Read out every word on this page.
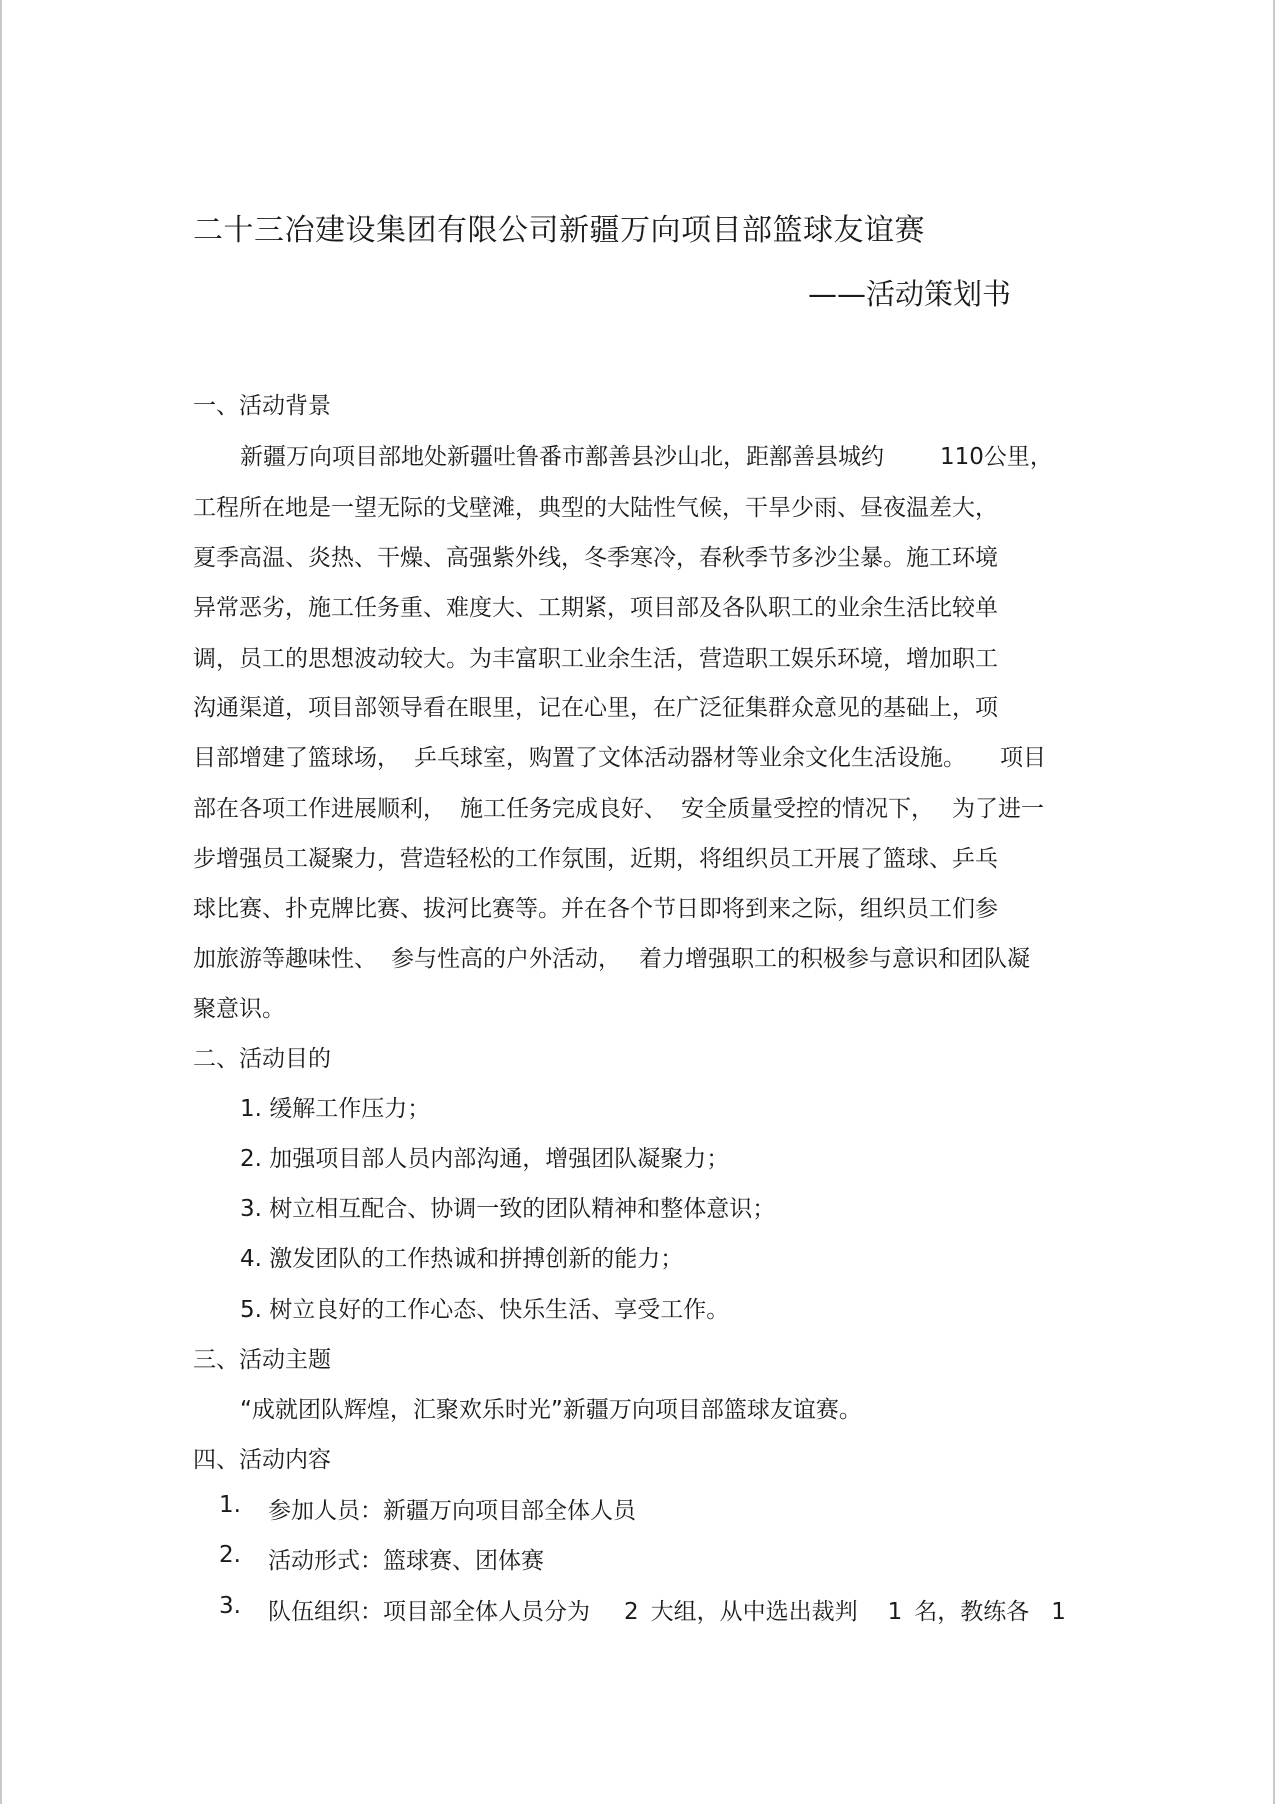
二十三冶建设集团有限公司新疆万向项目部篮球友谊赛
——活动策划书
一、活动背景
新疆万向项目部地处新疆吐鲁番市鄯善县沙山北，距鄯善县城约 110公里，
工程所在地是一望无际的戈壁滩，典型的大陆性气候，干旱少雨、昼夜温差大，
夏季高温、炎热、干燥、高强紫外线，冬季寒冷，春秋季节多沙尘暴。施工环境
异常恶劣，施工任务重、难度大、工期紧，项目部及各队职工的业余生活比较单
调，员工的思想波动较大。为丰富职工业余生活，营造职工娱乐环境，增加职工
沟通渠道，项目部领导看在眼里，记在心里，在广泛征集群众意见的基础上，项
目部增建了篮球场， 乒乓球室，购置了文体活动器材等业余文化生活设施。 项目
部在各项工作进展顺利， 施工任务完成良好、 安全质量受控的情况下， 为了进一
步增强员工凝聚力，营造轻松的工作氛围，近期，将组织员工开展了篮球、乒乓
球比赛、扑克牌比赛、拔河比赛等。并在各个节日即将到来之际，组织员工们参
加旅游等趣味性、 参与性高的户外活动， 着力增强职工的积极参与意识和团队凝
聚意识。
二、活动目的
1. 缓解工作压力；
2. 加强项目部人员内部沟通，增强团队凝聚力；
3. 树立相互配合、协调一致的团队精神和整体意识；
4. 激发团队的工作热诚和拼搏创新的能力；
5. 树立良好的工作心态、快乐生活、享受工作。
三、活动主题
“成就团队辉煌，汇聚欢乐时光”新疆万向项目部篮球友谊赛。
四、活动内容
1. 参加人员：新疆万向项目部全体人员
2. 活动形式：篮球赛、团体赛
3. 队伍组织：项目部全体人员分为 2 大组，从中选出裁判 1 名，教练各 1
